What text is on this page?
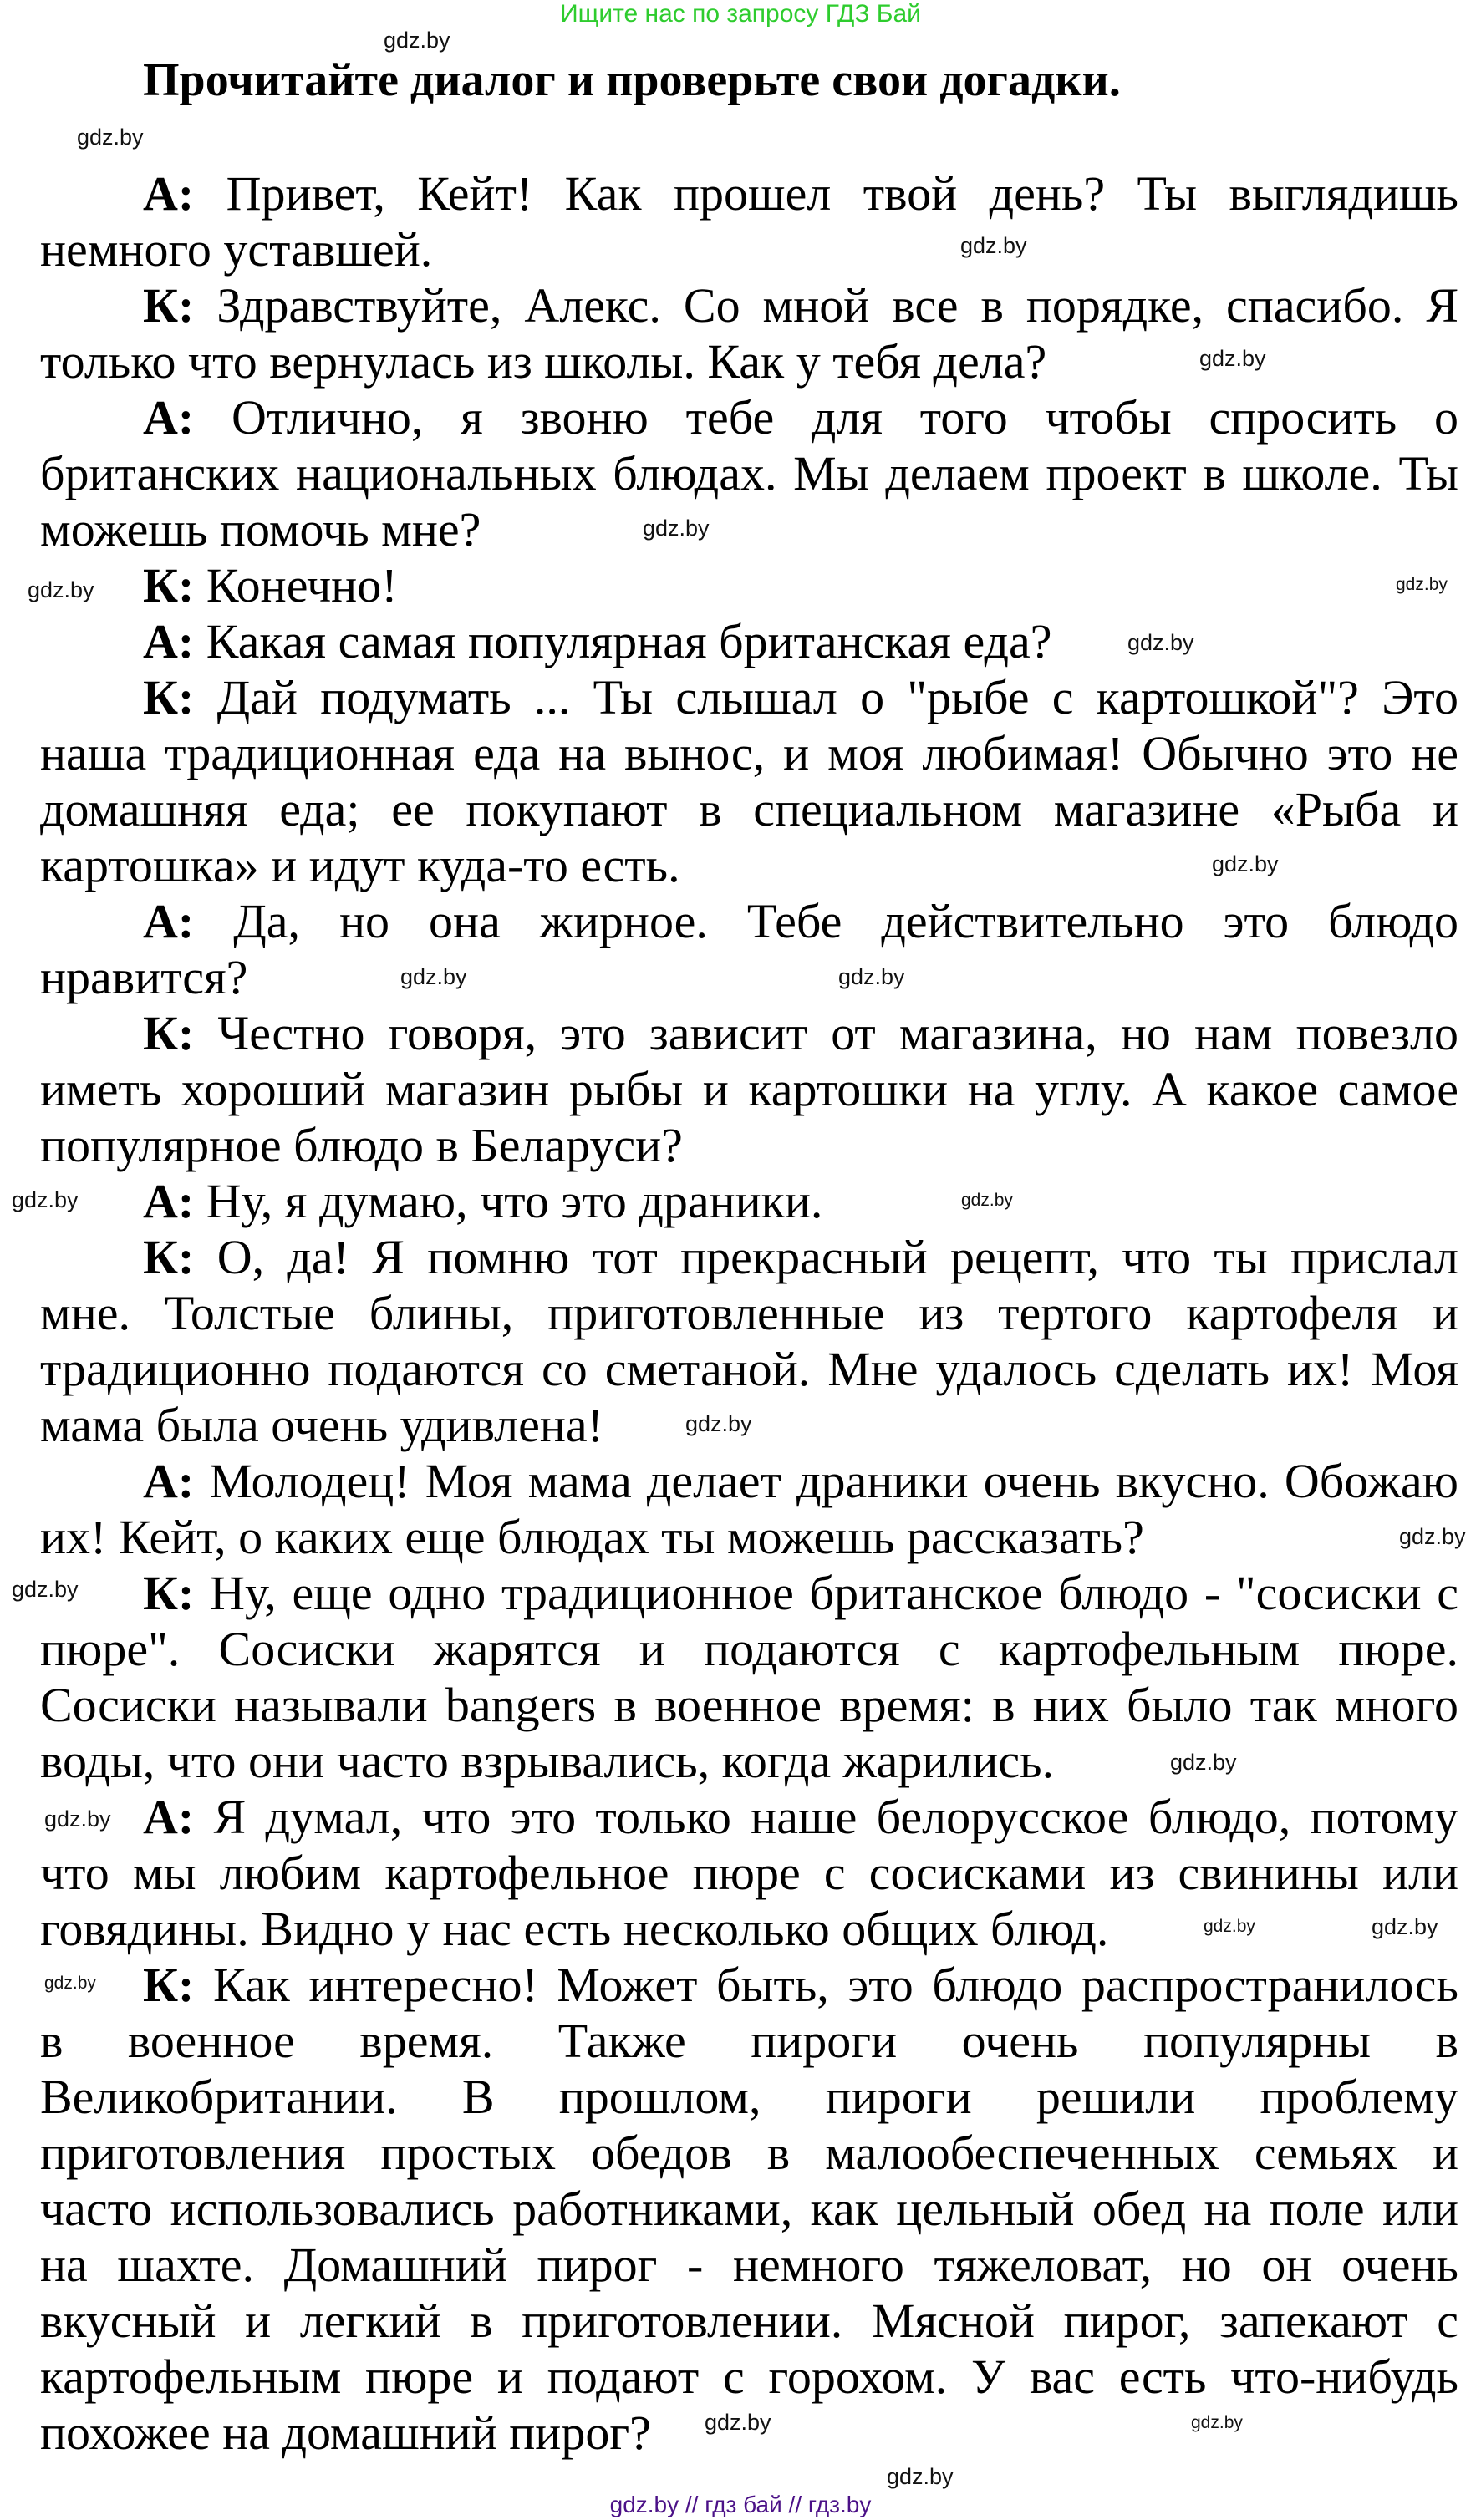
Ищите нас по запросу ГДЗ Бай
Прочитайте диалог и проверьте свои догадки.
А: Привет, Кейт! Как прошел твой день? Ты выглядишь
немного уставшей.
К: Здравствуйте, Алекс. Со мной все в порядке, спасибо. Я
только что вернулась из школы. Как у тебя дела?
А: Отлично, я звоню тебе для того чтобы спросить о
британских национальных блюдах. Мы делаем проект в школе. Ты
можешь помочь мне?
К: Конечно!
А: Какая самая популярная британская еда?
К: Дай подумать ... Ты слышал о "рыбе с картошкой"? Это
наша традиционная еда на вынос, и моя любимая! Обычно это не
домашняя еда; ее покупают в специальном магазине «Рыба и
картошка» и идут куда-то есть.
А: Да, но она жирное. Тебе действительно это блюдо
нравится?
К: Честно говоря, это зависит от магазина, но нам повезло
иметь хороший магазин рыбы и картошки на углу. А какое самое
популярное блюдо в Беларуси?
А: Ну, я думаю, что это драники.
К: О, да! Я помню тот прекрасный рецепт, что ты прислал
мне. Толстые блины, приготовленные из тертого картофеля и
традиционно подаются со сметаной. Мне удалось сделать их! Моя
мама была очень удивлена!
А: Молодец! Моя мама делает драники очень вкусно. Обожаю
их! Кейт, о каких еще блюдах ты можешь рассказать?
К: Ну, еще одно традиционное британское блюдо - "сосиски с
пюре". Сосиски жарятся и подаются с картофельным пюре.
Сосиски называли bangers в военное время: в них было так много
воды, что они часто взрывались, когда жарились.
А: Я думал, что это только наше белорусское блюдо, потому
что мы любим картофельное пюре с сосисками из свинины или
говядины. Видно у нас есть несколько общих блюд.
К: Как интересно! Может быть, это блюдо распространилось
в военное время. Также пироги очень популярны в
Великобритании. В прошлом, пироги решили проблему
приготовления простых обедов в малообеспеченных семьях и
часто использовались работниками, как цельный обед на поле или
на шахте. Домашний пирог - немного тяжеловат, но он очень
вкусный и легкий в приготовлении. Мясной пирог, запекают с
картофельным пюре и подают с горохом. У вас есть что-нибудь
похожее на домашний пирог?
gdz.by
gdz.by
gdz.by
gdz.by
gdz.by
gdz.by
gdz.by
gdz.by
gdz.by
gdz.by	gdz.by
gdz.by	gdz.by
gdz.by
gdz.by
gdz.by
gdz.by
gdz.by
gdz.by
gdz.by
gdz.by
gdz.by	gdz.by
gdz.by
gdz.by // гдз бай // гдз.by
